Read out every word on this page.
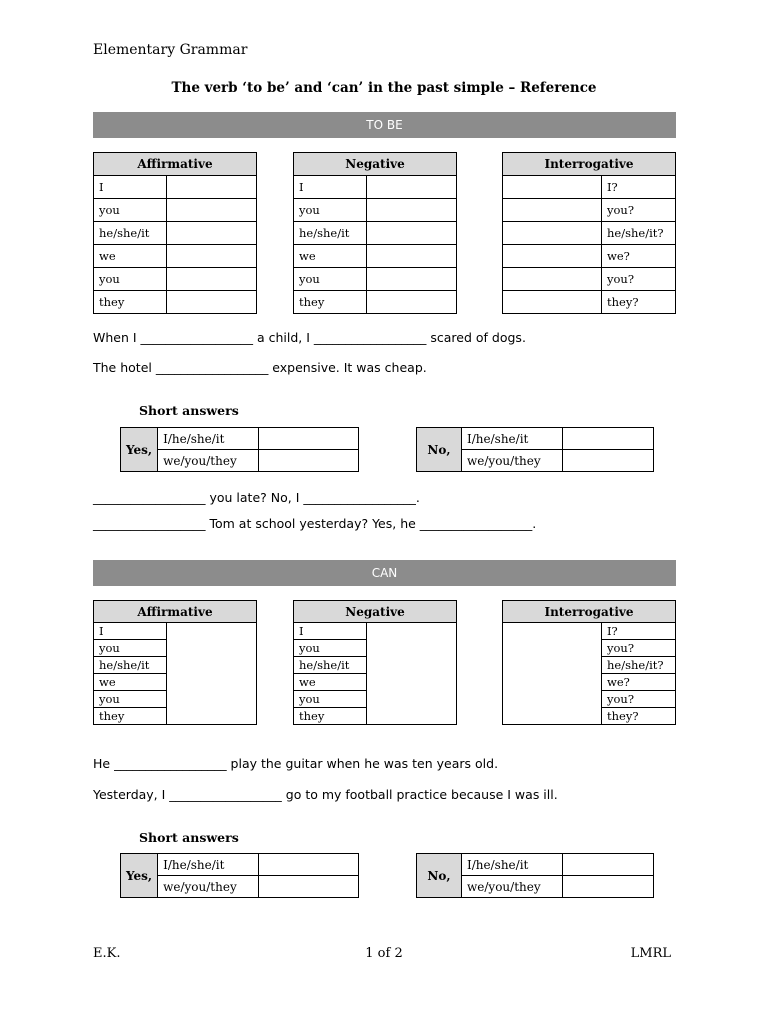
Elementary Grammar
The verb ‘to be’ and ‘can’ in the past simple – Reference
TO BE
Affirmative	
I	
you	
he/she/it	
we	
you	
they	
Negative	
I	
you	
he/she/it	
we	
you	
they	
Interrogative	
	I?
	you?
	he/she/it?
	we?
	you?
	they?
When I __________________ a child, I __________________ scared of dogs.
The hotel __________________ expensive. It was cheap.
Short answers
Yes,	I/he/she/it	
	we/you/they	
No,	I/he/she/it	
	we/you/they	
__________________ you late? No, I __________________.
__________________ Tom at school yesterday? Yes, he __________________.
CAN
Affirmative
I	
you
he/she/it
we
you
they
Negative
I	
you
he/she/it
we
you
they
Interrogative
	I?
you?
he/she/it?
we?
you?
they?
He __________________ play the guitar when he was ten years old.
Yesterday, I __________________ go to my football practice because I was ill.
Short answers
Yes,	I/he/she/it	
	we/you/they	
No,	I/he/she/it	
	we/you/they	
E.K.	1 of 2	LMRL
